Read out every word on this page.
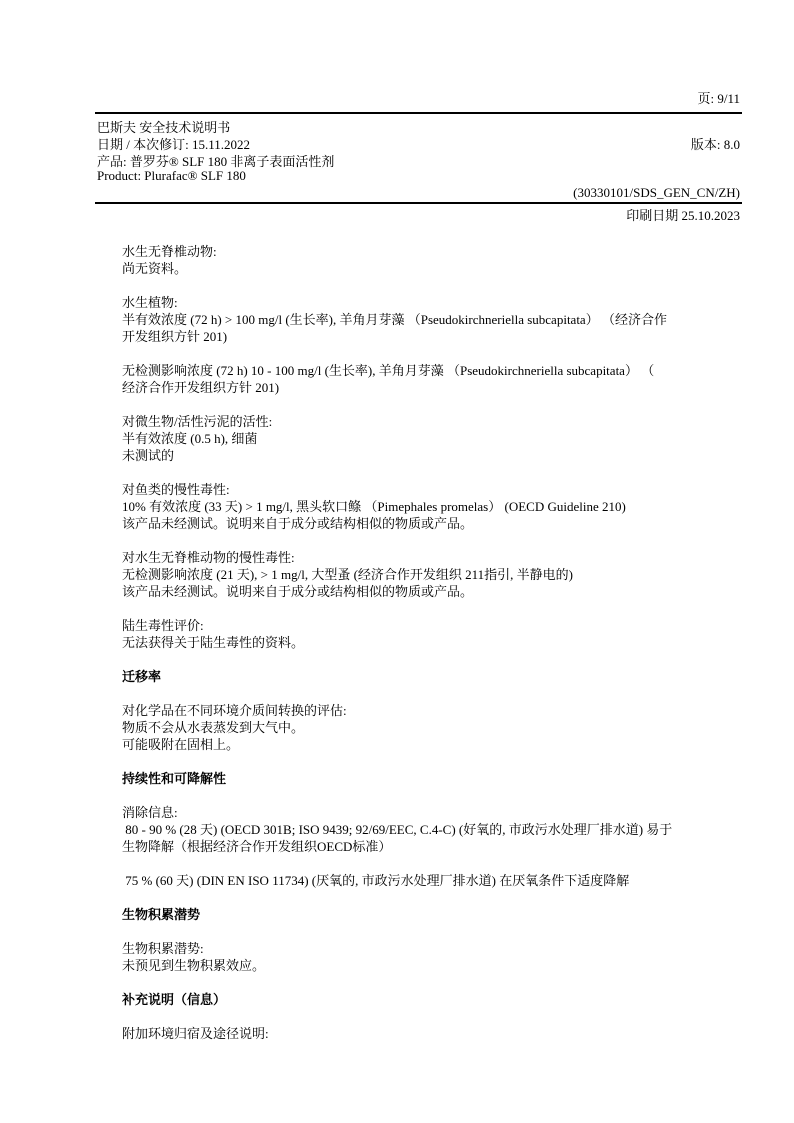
页: 9/11
巴斯夫 安全技术说明书
日期 / 本次修订: 15.11.2022	版本: 8.0
产品: 普罗芬® SLF 180 非离子表面活性剂
Product: Plurafac® SLF 180
(30330101/SDS_GEN_CN/ZH)
印刷日期 25.10.2023
水生无脊椎动物:
尚无资料。
水生植物:
半有效浓度 (72 h) > 100 mg/l (生长率), 羊角月芽藻 （Pseudokirchneriella subcapitata） （经济合作
开发组织方针 201)
无检测影响浓度 (72 h) 10 - 100 mg/l (生长率), 羊角月芽藻 （Pseudokirchneriella subcapitata） （
经济合作开发组织方针 201)
对微生物/活性污泥的活性:
半有效浓度 (0.5 h), 细菌
未测试的
对鱼类的慢性毒性:
10% 有效浓度 (33 天) > 1 mg/l, 黑头软口鲦 （Pimephales promelas） (OECD Guideline 210)
该产品未经测试。说明来自于成分或结构相似的物质或产品。
对水生无脊椎动物的慢性毒性:
无检测影响浓度 (21 天), > 1 mg/l, 大型蚤 (经济合作开发组织 211指引, 半静电的)
该产品未经测试。说明来自于成分或结构相似的物质或产品。
陆生毒性评价:
无法获得关于陆生毒性的资料。
迁移率
对化学品在不同环境介质间转换的评估:
物质不会从水表蒸发到大气中。
可能吸附在固相上。
持续性和可降解性
消除信息:
80 - 90 % (28 天) (OECD 301B; ISO 9439; 92/69/EEC, C.4-C) (好氧的, 市政污水处理厂排水道) 易于
生物降解（根据经济合作开发组织OECD标准）
75 % (60 天) (DIN EN ISO 11734) (厌氧的, 市政污水处理厂排水道) 在厌氧条件下适度降解
生物积累潜势
生物积累潜势:
未预见到生物积累效应。
补充说明（信息）
附加环境归宿及途径说明:
